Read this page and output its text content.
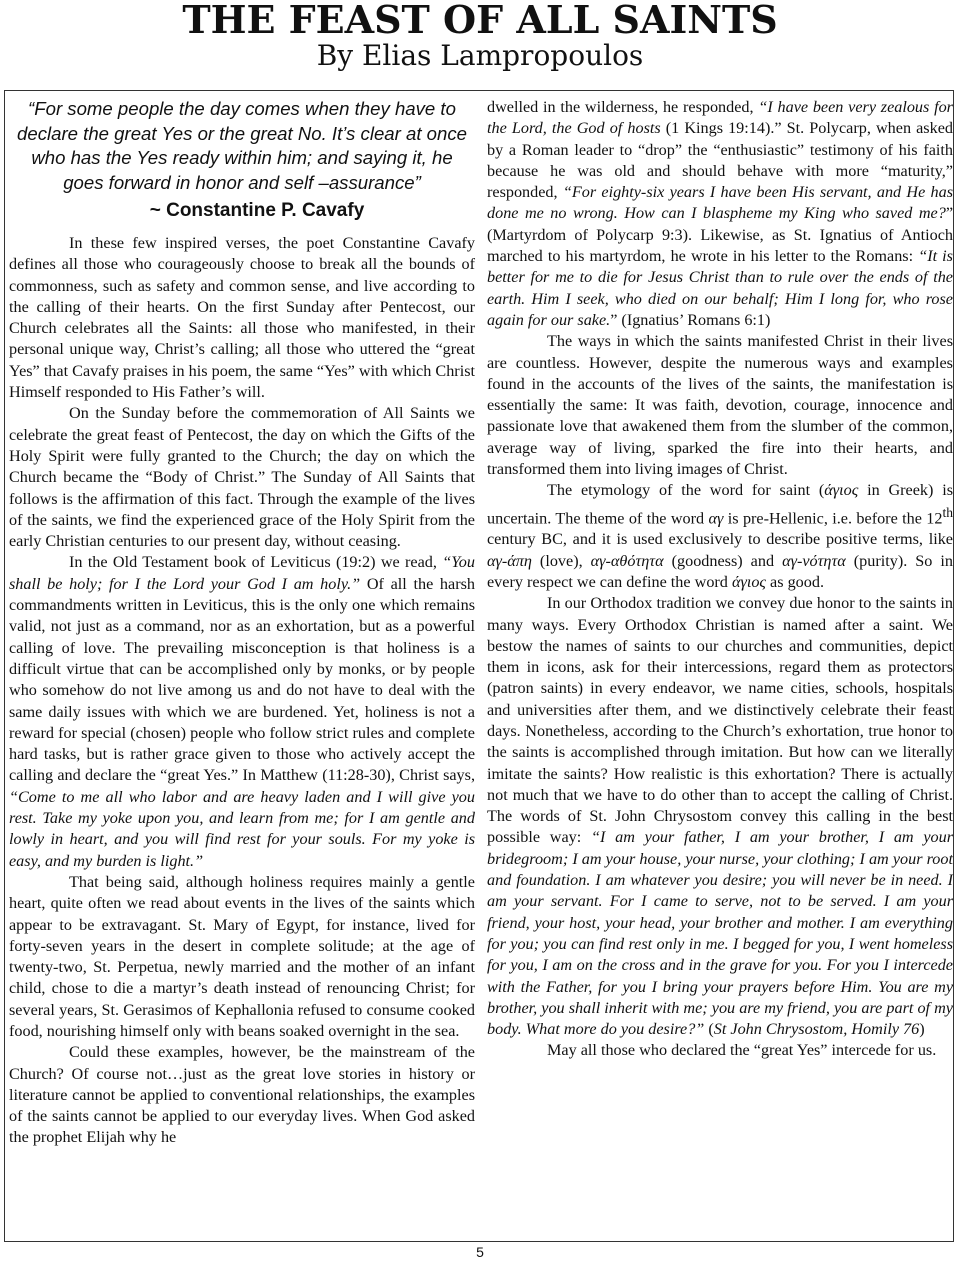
THE FEAST OF ALL SAINTS
By Elias Lampropoulos
“For some people the day comes when they have to declare the great Yes or the great No. It’s clear at once who has the Yes ready within him; and saying it, he goes forward in honor and self –assurance”
~ Constantine P. Cavafy

In these few inspired verses, the poet Constantine Cavafy defines all those who courageously choose to break all the bounds of commonness, such as safety and common sense, and live according to the calling of their hearts. On the first Sunday after Pentecost, our Church celebrates all the Saints: all those who manifested, in their personal unique way, Christ’s calling; all those who uttered the “great Yes” that Cavafy praises in his poem, the same “Yes” with which Christ Himself responded to His Father’s will.

On the Sunday before the commemoration of All Saints we celebrate the great feast of Pentecost, the day on which the Gifts of the Holy Spirit were fully granted to the Church; the day on which the Church became the “Body of Christ.” The Sunday of All Saints that follows is the affirmation of this fact. Through the example of the lives of the saints, we find the experienced grace of the Holy Spirit from the early Christian centuries to our present day, without ceasing.

In the Old Testament book of Leviticus (19:2) we read, “You shall be holy; for I the Lord your God I am holy.” Of all the harsh commandments written in Leviticus, this is the only one which remains valid, not just as a command, nor as an exhortation, but as a powerful calling of love. The prevailing misconception is that holiness is a difficult virtue that can be accomplished only by monks, or by people who somehow do not live among us and do not have to deal with the same daily issues with which we are burdened. Yet, holiness is not a reward for special (chosen) people who follow strict rules and complete hard tasks, but is rather grace given to those who actively accept the calling and declare the “great Yes.” In Matthew (11:28-30), Christ says, “Come to me all who labor and are heavy laden and I will give you rest. Take my yoke upon you, and learn from me; for I am gentle and lowly in heart, and you will find rest for your souls. For my yoke is easy, and my burden is light.”

That being said, although holiness requires mainly a gentle heart, quite often we read about events in the lives of the saints which appear to be extravagant. St. Mary of Egypt, for instance, lived for forty-seven years in the desert in complete solitude; at the age of twenty-two, St. Perpetua, newly married and the mother of an infant child, chose to die a martyr’s death instead of renouncing Christ; for several years, St. Gerasimos of Kephallonia refused to consume cooked food, nourishing himself only with beans soaked overnight in the sea.

Could these examples, however, be the mainstream of the Church? Of course not…just as the great love stories in history or literature cannot be applied to conventional relationships, the examples of the saints cannot be applied to our everyday lives. When God asked the prophet Elijah why he

dwelled in the wilderness, he responded, “I have been very zealous for the Lord, the God of hosts (1 Kings 19:14).” St. Polycarp, when asked by a Roman leader to “drop” the “enthusiastic” testimony of his faith because he was old and should behave with more “maturity,” responded, “For eighty-six years I have been His servant, and He has done me no wrong. How can I blaspheme my King who saved me?” (Martyrdom of Polycarp 9:3). Likewise, as St. Ignatius of Antioch marched to his martyrdom, he wrote in his letter to the Romans: “It is better for me to die for Jesus Christ than to rule over the ends of the earth. Him I seek, who died on our behalf; Him I long for, who rose again for our sake.” (Ignatius’ Romans 6:1)

The ways in which the saints manifested Christ in their lives are countless. However, despite the numerous ways and examples found in the accounts of the lives of the saints, the manifestation is essentially the same: It was faith, devotion, courage, innocence and passionate love that awakened them from the slumber of the common, average way of living, sparked the fire into their hearts, and transformed them into living images of Christ.

The etymology of the word for saint (άγιος in Greek) is uncertain. The theme of the word αγ is pre-Hellenic, i.e. before the 12th century BC, and it is used exclusively to describe positive terms, like αγ-άπη (love), αγ-αθότητα (goodness) and αγ-νότητα (purity). So in every respect we can define the word άγιος as good.

In our Orthodox tradition we convey due honor to the saints in many ways. Every Orthodox Christian is named after a saint. We bestow the names of saints to our churches and communities, depict them in icons, ask for their intercessions, regard them as protectors (patron saints) in every endeavor, we name cities, schools, hospitals and universities after them, and we distinctively celebrate their feast days. Nonetheless, according to the Church’s exhortation, true honor to the saints is accomplished through imitation. But how can we literally imitate the saints? How realistic is this exhortation? There is actually not much that we have to do other than to accept the calling of Christ. The words of St. John Chrysostom convey this calling in the best possible way: “I am your father, I am your brother, I am your bridegroom; I am your house, your nurse, your clothing; I am your root and foundation. I am whatever you desire; you will never be in need. I am your servant. For I came to serve, not to be served. I am your friend, your host, your head, your brother and mother. I am everything for you; you can find rest only in me. I begged for you, I went homeless for you, I am on the cross and in the grave for you. For you I intercede with the Father, for you I bring your prayers before Him. You are my brother, you shall inherit with me; you are my friend, you are part of my body. What more do you desire?” (St John Chrysostom, Homily 76)

May all those who declared the “great Yes” intercede for us.

5
